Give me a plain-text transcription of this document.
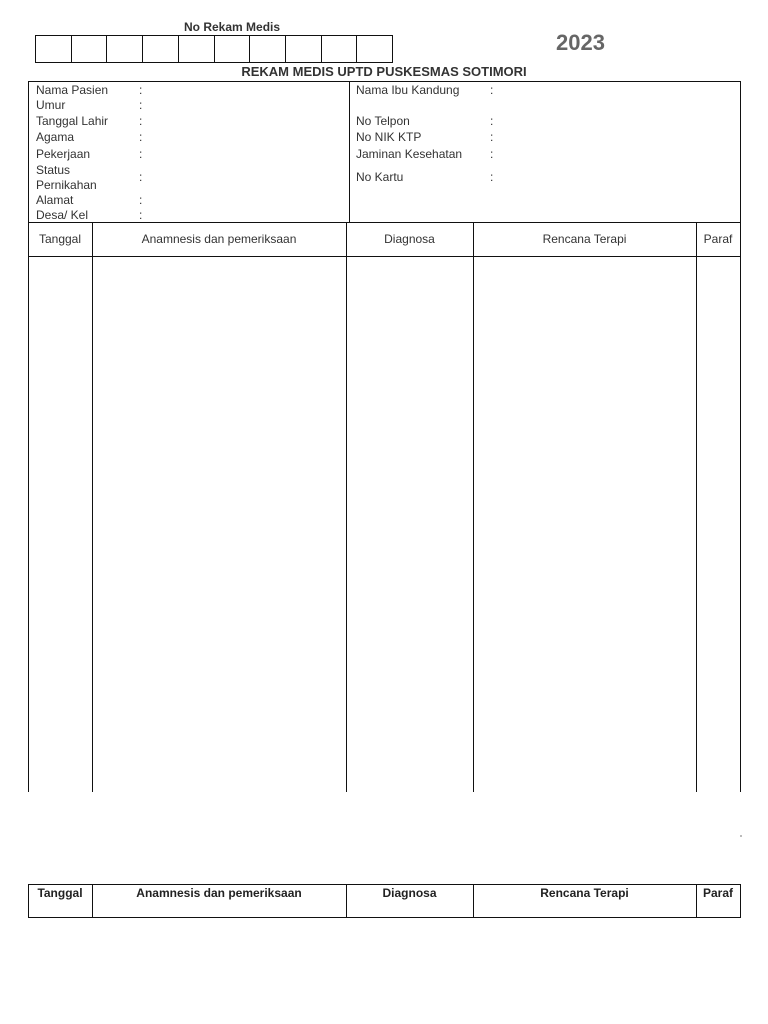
No Rekam Medis
2023
REKAM MEDIS UPTD PUSKESMAS SOTIMORI
Nama Pasien	:
Umur	:
Tanggal Lahir	:
Agama	:
Pekerjaan	:
Status
Pernikahan
:
Alamat	:
Desa/ Kel	:
Nama Ibu Kandung	:
No Telpon	:
No NIK KTP	:
Jaminan Kesehatan :
No Kartu	:
Tanggal	Anamnesis dan pemeriksaan	Diagnosa	Rencana Terapi	Paraf
Tanggal	Anamnesis dan pemeriksaan	Diagnosa	Rencana Terapi	Paraf
